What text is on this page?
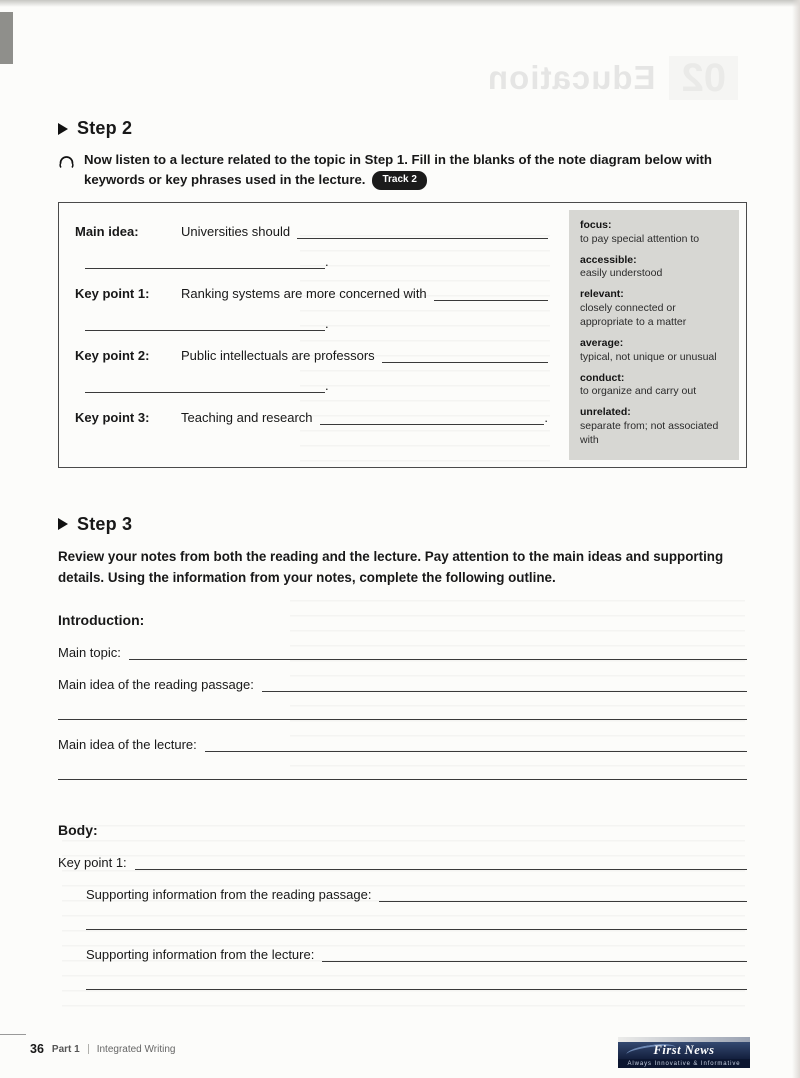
02
Education
Step 2
Now listen to a lecture related to the topic in Step 1. Fill in the blanks of the note diagram below with keywords or key phrases used in the lecture. Track 2
Main idea:	Universities should
.
Key point 1:	Ranking systems are more concerned with
.
Key point 2:	Public intellectuals are professors
.
Key point 3:	Teaching and research	.
focus:
to pay special attention to
accessible:
easily understood
relevant:
closely connected or appropriate to a matter
average:
typical, not unique or unusual
conduct:
to organize and carry out
unrelated:
separate from; not associated with
Step 3
Review your notes from both the reading and the lecture. Pay attention to the main ideas and supporting details. Using the information from your notes, complete the following outline.
Introduction:
Main topic:
Main idea of the reading passage:
Main idea of the lecture:
Body:
Key point 1:
Supporting information from the reading passage:
Supporting information from the lecture:
36 Part 1 Integrated Writing	First News
Always Innovative & Informative
